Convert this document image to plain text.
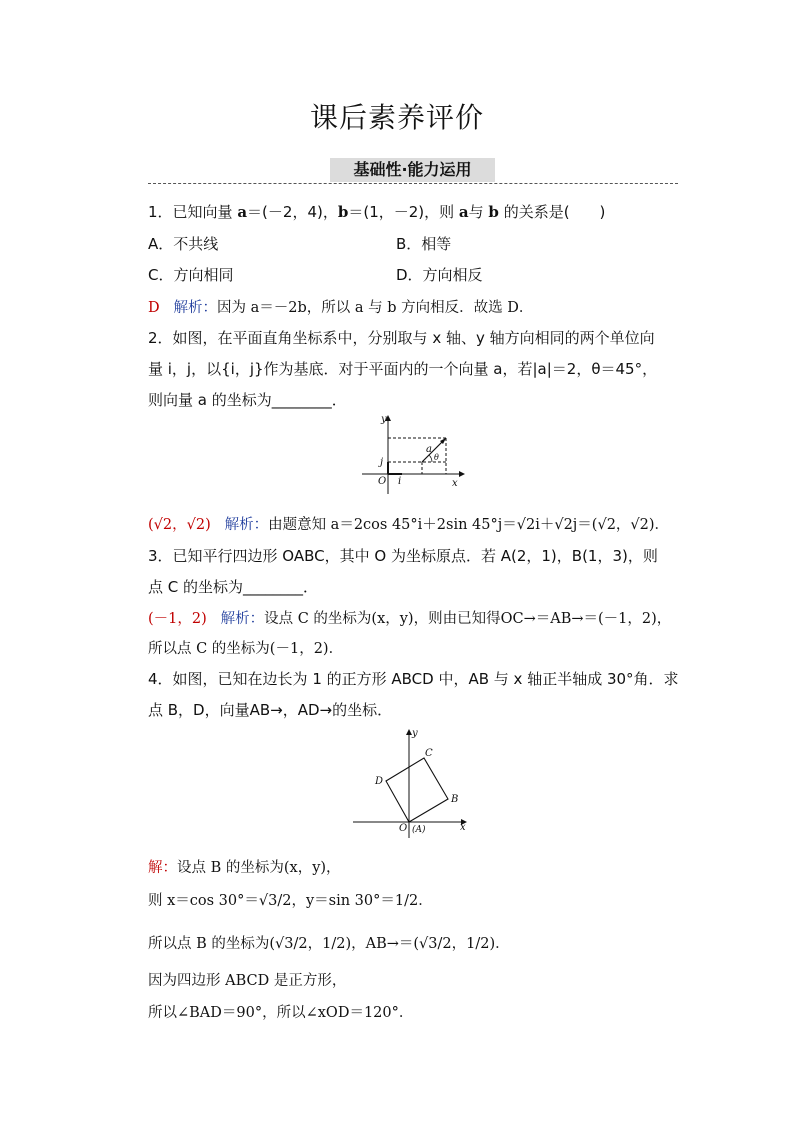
课后素养评价
基础性·能力运用
1．已知向量 a＝(－2，4)，b＝(1，－2)，则 a与 b 的关系是(　　)
A．不共线	B．相等
C．方向相同	D．方向相反
D 解析：因为 a＝－2b，所以 a 与 b 方向相反．故选 D．
2．如图，在平面直角坐标系中，分别取与 x 轴、y 轴方向相同的两个单位向
量 i，j，以{i，j}作为基底．对于平面内的一个向量 a，若|a|＝2，θ＝45°，
则向量 a 的坐标为________．
y
x
O i
j
a
θ
(√2，√2) 解析：由题意知 a＝2cos 45°i＋2sin 45°j＝√2i＋√2j＝(√2，√2)．
3．已知平行四边形 OABC，其中 O 为坐标原点．若 A(2，1)，B(1，3)，则
点 C 的坐标为________．
(－1，2) 解析：设点 C 的坐标为(x，y)，则由已知得OC→＝AB→＝(－1，2)，
所以点 C 的坐标为(－1，2)．
4．如图，已知在边长为 1 的正方形 ABCD 中，AB 与 x 轴正半轴成 30°角．求
点 B，D，向量AB→，AD→的坐标．
y
x
O (A)
B
C
D
解：设点 B 的坐标为(x，y)，
则 x＝cos 30°＝√3/2，y＝sin 30°＝1/2．
所以点 B 的坐标为(√3/2，1/2)，AB→＝(√3/2，1/2)．
因为四边形 ABCD 是正方形，
所以∠BAD＝90°，所以∠xOD＝120°．
